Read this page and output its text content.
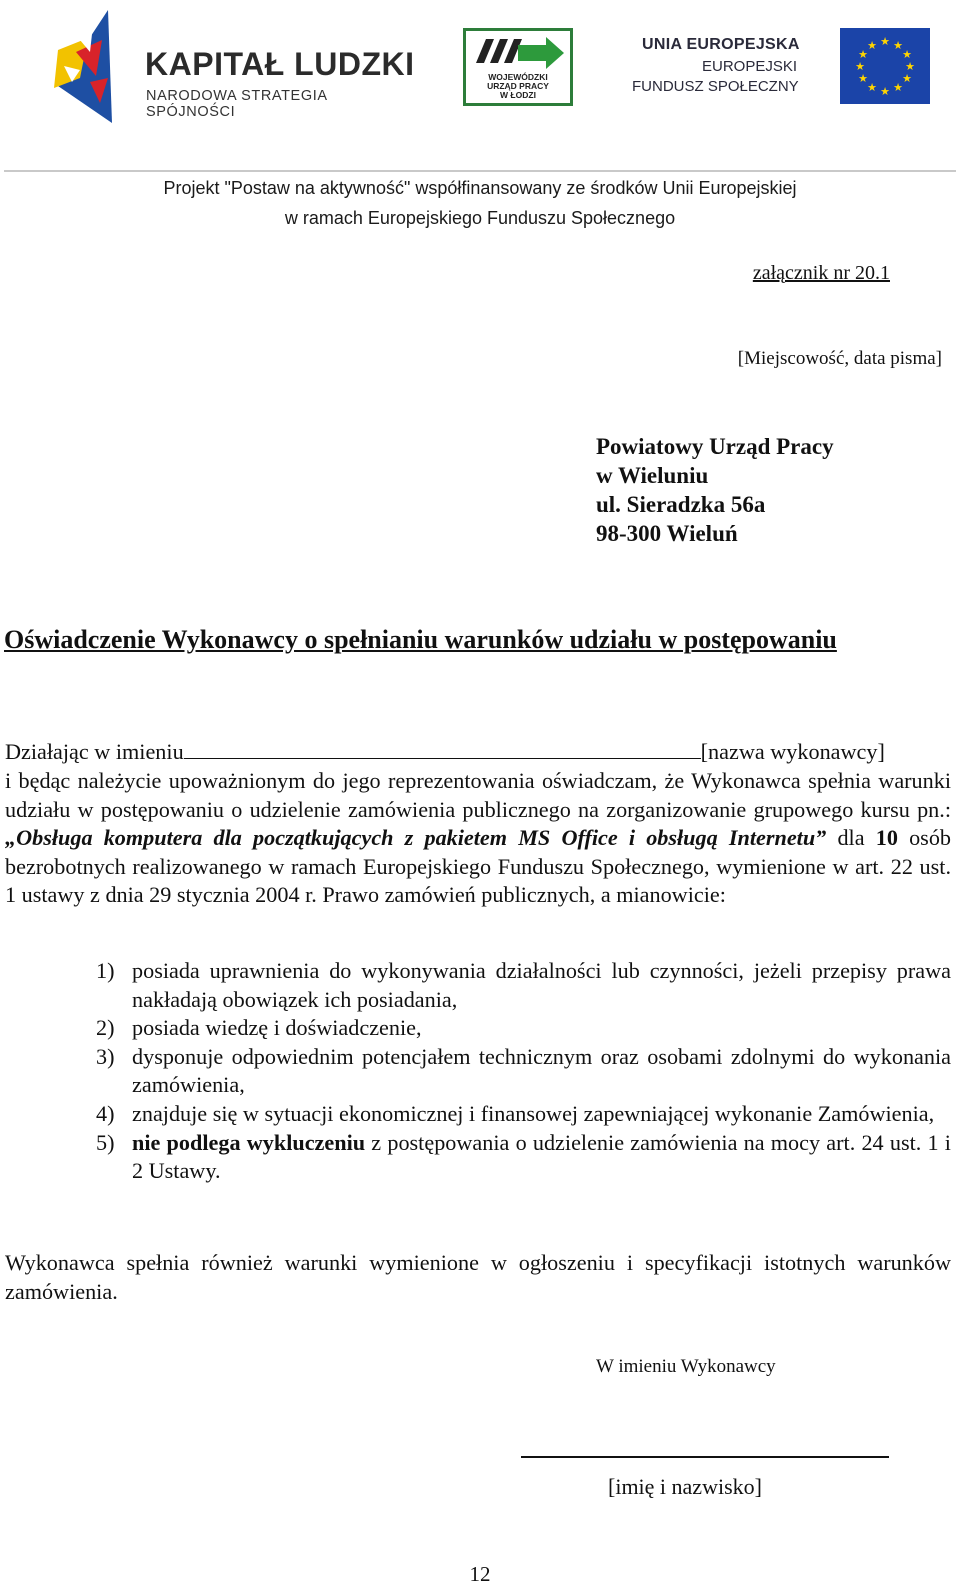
KAPITAŁ LUDZKI
NARODOWA STRATEGIA SPÓJNOŚCI
WOJEWÓDZKI
URZĄD PRACY
W ŁODZI
UNIA EUROPEJSKA
EUROPEJSKI
FUNDUSZ SPOŁECZNY
★ ★
★
★
★
★
★
★
★
★
★
★
Projekt "Postaw na aktywność" współfinansowany ze środków Unii Europejskiej
w ramach Europejskiego Funduszu Społecznego
załącznik nr 20.1
[Miejscowość, data pisma]
Powiatowy Urząd Pracy
w Wieluniu
ul. Sieradzka 56a
98-300 Wieluń
Oświadczenie Wykonawcy o spełnianiu warunków udziału w postępowaniu
Działając w imieniu	[nazwa wykonawcy]
i będąc należycie upoważnionym do jego reprezentowania oświadczam, że Wykonawca spełnia warunki udziału w postępowaniu o udzielenie zamówienia publicznego na zorganizowanie grupowego kursu pn.: „Obsługa komputera dla początkujących z pakietem MS Office i obsługą Internetu” dla 10 osób bezrobotnych realizowanego w ramach Europejskiego Funduszu Społecznego, wymienione w art. 22 ust. 1 ustawy z dnia 29 stycznia 2004 r. Prawo zamówień publicznych, a mianowicie:
1) posiada uprawnienia do wykonywania działalności lub czynności, jeżeli przepisy prawa nakładają obowiązek ich posiadania,
2) posiada wiedzę i doświadczenie,
3) dysponuje odpowiednim potencjałem technicznym oraz osobami zdolnymi do wykonania zamówienia,
4) znajduje się w sytuacji ekonomicznej i finansowej zapewniającej wykonanie Zamówienia,
5) nie podlega wykluczeniu z postępowania o udzielenie zamówienia na mocy art. 24 ust. 1 i 2 Ustawy.
Wykonawca spełnia również warunki wymienione w ogłoszeniu i specyfikacji istotnych warunków zamówienia.
W imieniu Wykonawcy
[imię i nazwisko]
12
